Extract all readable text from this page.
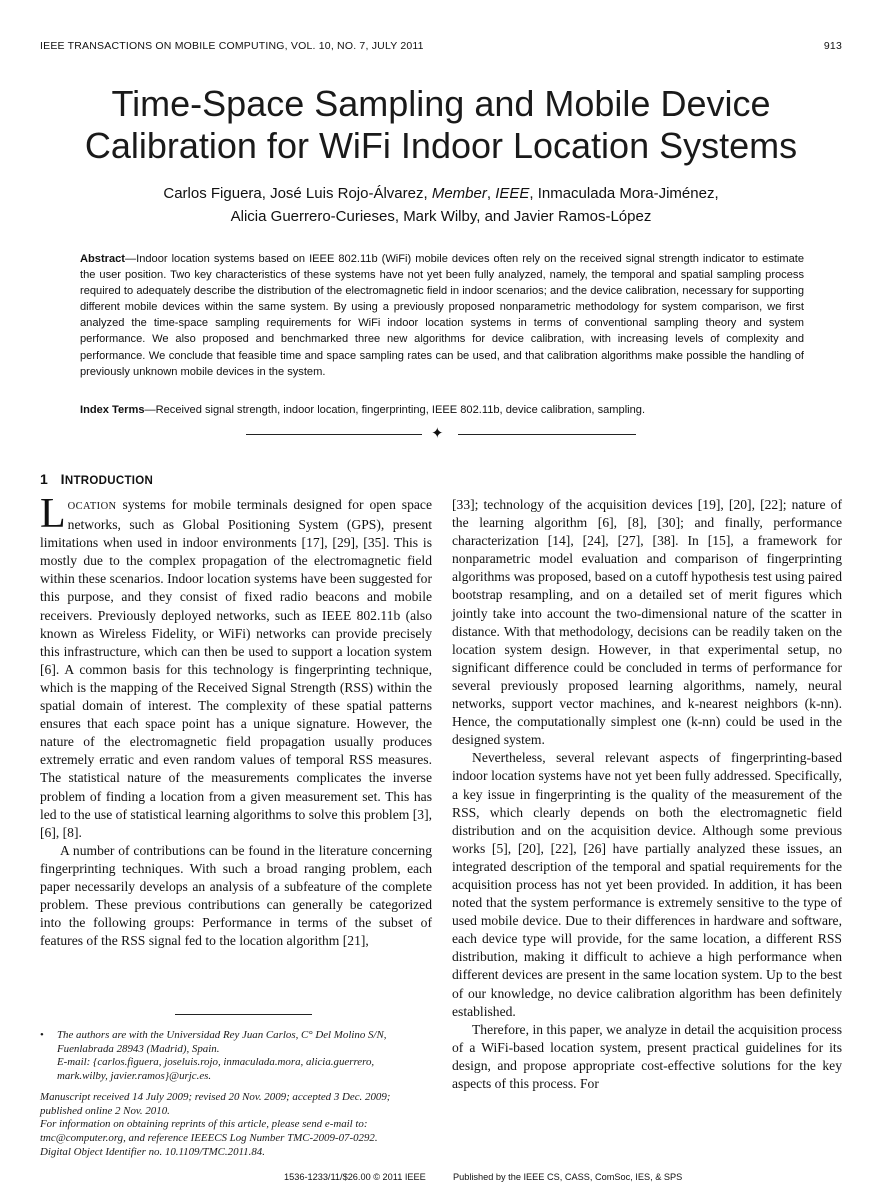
IEEE TRANSACTIONS ON MOBILE COMPUTING, VOL. 10, NO. 7, JULY 2011	913
Time-Space Sampling and Mobile Device
Calibration for WiFi Indoor Location Systems
Carlos Figuera, José Luis Rojo-Álvarez, Member, IEEE, Inmaculada Mora-Jiménez,
Alicia Guerrero-Curieses, Mark Wilby, and Javier Ramos-López
Abstract—Indoor location systems based on IEEE 802.11b (WiFi) mobile devices often rely on the received signal strength indicator to estimate the user position. Two key characteristics of these systems have not yet been fully analyzed, namely, the temporal and spatial sampling process required to adequately describe the distribution of the electromagnetic field in indoor scenarios; and the device calibration, necessary for supporting different mobile devices within the same system. By using a previously proposed nonparametric methodology for system comparison, we first analyzed the time-space sampling requirements for WiFi indoor location systems in terms of conventional sampling theory and system performance. We also proposed and benchmarked three new algorithms for device calibration, with increasing levels of complexity and performance. We conclude that feasible time and space sampling rates can be used, and that calibration algorithms make possible the handling of previously unknown mobile devices in the system.
Index Terms—Received signal strength, indoor location, fingerprinting, IEEE 802.11b, device calibration, sampling.
✦
1 INTRODUCTION

LOCATION systems for mobile terminals designed for open space networks, such as Global Positioning System (GPS), present limitations when used in indoor environments [17], [29], [35]. This is mostly due to the complex propagation of the electromagnetic field within these scenarios. Indoor location systems have been suggested for this purpose, and they consist of fixed radio beacons and mobile receivers. Previously deployed networks, such as IEEE 802.11b (also known as Wireless Fidelity, or WiFi) networks can provide precisely this infrastructure, which can then be used to support a location system [6]. A common basis for this technology is fingerprinting technique, which is the mapping of the Received Signal Strength (RSS) within the spatial domain of interest. The complexity of these spatial patterns ensures that each space point has a unique signature. However, the nature of the electromagnetic field propagation usually produces extremely erratic and even random values of temporal RSS measures. The statistical nature of the measurements complicates the inverse problem of finding a location from a given measurement set. This has led to the use of statistical learning algorithms to solve this problem [3], [6], [8].

A number of contributions can be found in the literature concerning fingerprinting techniques. With such a broad ranging problem, each paper necessarily develops an analysis of a subfeature of the complete problem. These previous contributions can generally be categorized into the following groups: Performance in terms of the subset of features of the RSS signal fed to the location algorithm [21],

[33]; technology of the acquisition devices [19], [20], [22]; nature of the learning algorithm [6], [8], [30]; and finally, performance characterization [14], [24], [27], [38]. In [15], a framework for nonparametric model evaluation and comparison of fingerprinting algorithms was proposed, based on a cutoff hypothesis test using paired bootstrap resampling, and on a detailed set of merit figures which jointly take into account the two-dimensional nature of the scatter in distance. With that methodology, decisions can be readily taken on the location system design. However, in that experimental setup, no significant difference could be concluded in terms of performance for several previously proposed learning algorithms, namely, neural networks, support vector machines, and k-nearest neighbors (k-nn). Hence, the computationally simplest one (k-nn) could be used in the designed system.

Nevertheless, several relevant aspects of fingerprinting-based indoor location systems have not yet been fully addressed. Specifically, a key issue in fingerprinting is the quality of the measurement of the RSS, which clearly depends on both the electromagnetic field distribution and on the acquisition device. Although some previous works [5], [20], [22], [26] have partially analyzed these issues, an integrated description of the temporal and spatial requirements for the acquisition process has not yet been provided. In addition, it has been noted that the system performance is extremely sensitive to the type of used mobile device. Due to their differences in hardware and software, each device type will provide, for the same location, a different RSS distribution, making it difficult to achieve a high performance when different devices are present in the same location system. Up to the best of our knowledge, no device calibration algorithm has been definitely established.

Therefore, in this paper, we analyze in detail the acquisition process of a WiFi-based location system, present practical guidelines for its design, and propose appropriate cost-effective solutions for the key aspects of this process. For

•	The authors are with the Universidad Rey Juan Carlos, C° Del Molino S/N,

Fuenlabrada 28943 (Madrid), Spain.

E-mail: {carlos.figuera, joseluis.rojo, inmaculada.mora, alicia.guerrero,

mark.wilby, javier.ramos}@urjc.es.

Manuscript received 14 July 2009; revised 20 Nov. 2009; accepted 3 Dec. 2009; published online 2 Nov. 2010.

For information on obtaining reprints of this article, please send e-mail to: tmc@computer.org, and reference IEEECS Log Number TMC-2009-07-0292.

Digital Object Identifier no. 10.1109/TMC.2011.84.

1536-1233/11/$26.00 © 2011 IEEE	Published by the IEEE CS, CASS, ComSoc, IES, & SPS
